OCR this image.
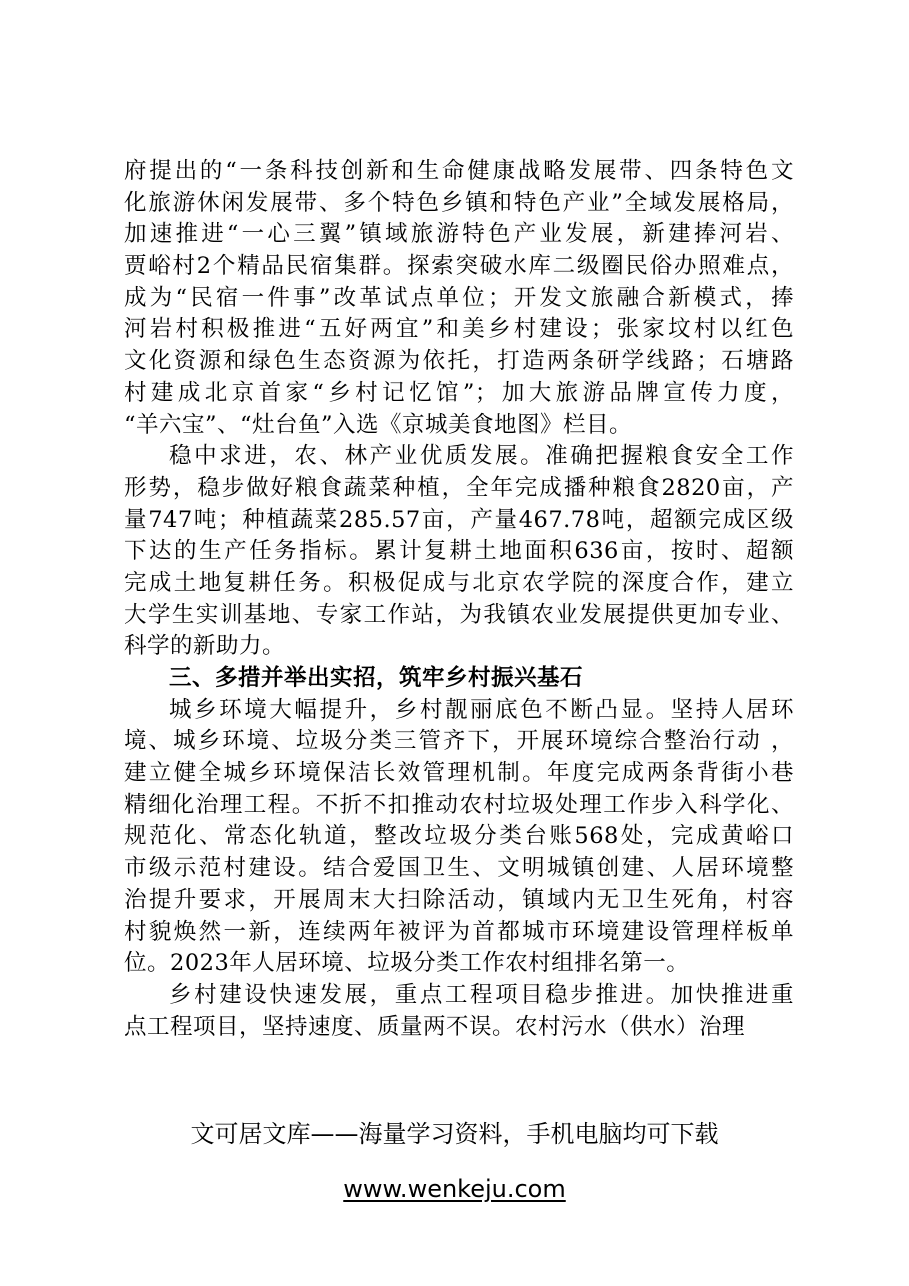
府提出的“一条科技创新和生命健康战略发展带、四条特色文
化旅游休闲发展带、多个特色乡镇和特色产业”全域发展格局，
加速推进“一心三翼”镇域旅游特色产业发展，新建捧河岩、
贾峪村2个精品民宿集群。探索突破水库二级圈民俗办照难点，
成为“民宿一件事”改革试点单位；开发文旅融合新模式，捧
河岩村积极推进“五好两宜”和美乡村建设；张家坟村以红色
文化资源和绿色生态资源为依托，打造两条研学线路；石塘路
村建成北京首家“乡村记忆馆”；加大旅游品牌宣传力度，
“羊六宝”、“灶台鱼”入选《京城美食地图》栏目。
稳中求进，农、林产业优质发展。准确把握粮食安全工作
形势，稳步做好粮食蔬菜种植，全年完成播种粮食2820亩，产
量747吨；种植蔬菜285.57亩，产量467.78吨，超额完成区级
下达的生产任务指标。累计复耕土地面积636亩，按时、超额
完成土地复耕任务。积极促成与北京农学院的深度合作，建立
大学生实训基地、专家工作站，为我镇农业发展提供更加专业、
科学的新助力。
三、多措并举出实招，筑牢乡村振兴基石
城乡环境大幅提升，乡村靓丽底色不断凸显。坚持人居环
境、城乡环境、垃圾分类三管齐下，开展环境综合整治行动 ，
建立健全城乡环境保洁长效管理机制。年度完成两条背街小巷
精细化治理工程。不折不扣推动农村垃圾处理工作步入科学化、
规范化、常态化轨道，整改垃圾分类台账568处，完成黄峪口
市级示范村建设。结合爱国卫生、文明城镇创建、人居环境整
治提升要求，开展周末大扫除活动，镇域内无卫生死角，村容
村貌焕然一新，连续两年被评为首都城市环境建设管理样板单
位。2023年人居环境、垃圾分类工作农村组排名第一。
乡村建设快速发展，重点工程项目稳步推进。加快推进重
点工程项目，坚持速度、质量两不误。农村污水（供水）治理
文可居文库——海量学习资料，手机电脑均可下载
www.wenkeju.com
